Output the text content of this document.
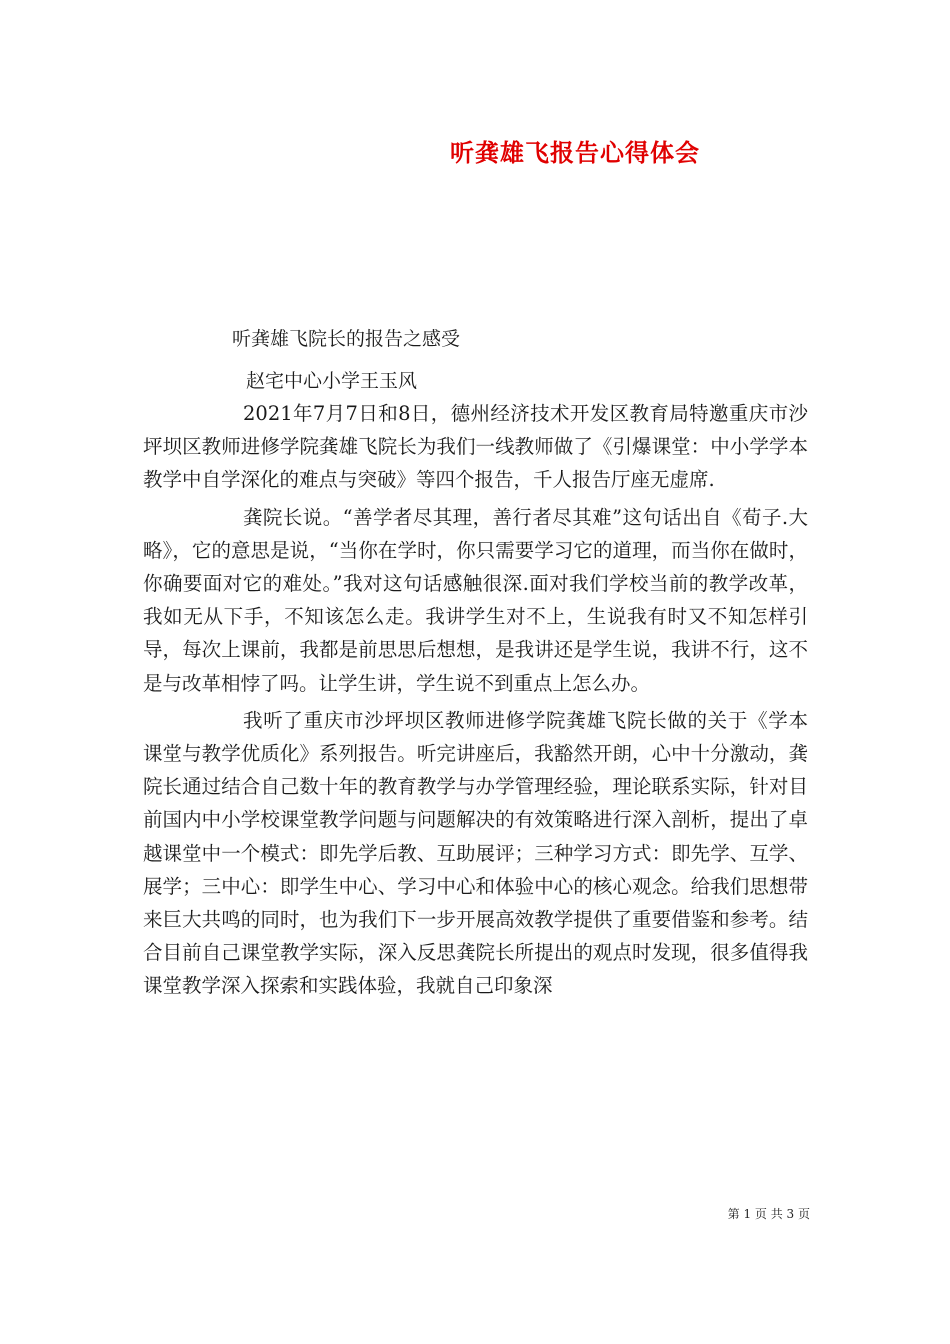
听龚雄飞报告心得体会

听龚雄飞院长的报告之感受

赵宅中心小学王玉风

2021年7月7日和8日，德州经济技术开发区教育局特邀重庆市沙坪坝区教师进修学院龚雄飞院长为我们一线教师做了《引爆课堂：中小学学本教学中自学深化的难点与突破》等四个报告，千人报告厅座无虚席.

龚院长说。“善学者尽其理，善行者尽其难”这句话出自《荀子.大略》，它的意思是说，“当你在学时，你只需要学习它的道理，而当你在做时，你确要面对它的难处。”我对这句话感触很深.面对我们学校当前的教学改革，我如无从下手，不知该怎么走。我讲学生对不上，生说我有时又不知怎样引导，每次上课前，我都是前思思后想想，是我讲还是学生说，我讲不行，这不是与改革相悖了吗。让学生讲，学生说不到重点上怎么办。

我听了重庆市沙坪坝区教师进修学院龚雄飞院长做的关于《学本课堂与教学优质化》系列报告。听完讲座后，我豁然开朗，心中十分激动，龚院长通过结合自己数十年的教育教学与办学管理经验，理论联系实际，针对目前国内中小学校课堂教学问题与问题解决的有效策略进行深入剖析，提出了卓越课堂中一个模式：即先学后教、互助展评；三种学习方式：即先学、互学、展学；三中心：即学生中心、学习中心和体验中心的核心观念。给我们思想带来巨大共鸣的同时，也为我们下一步开展高效教学提供了重要借鉴和参考。结合目前自己课堂教学实际，深入反思龚院长所提出的观点时发现，很多值得我课堂教学深入探索和实践体验，我就自己印象深

第 1 页 共 3 页
